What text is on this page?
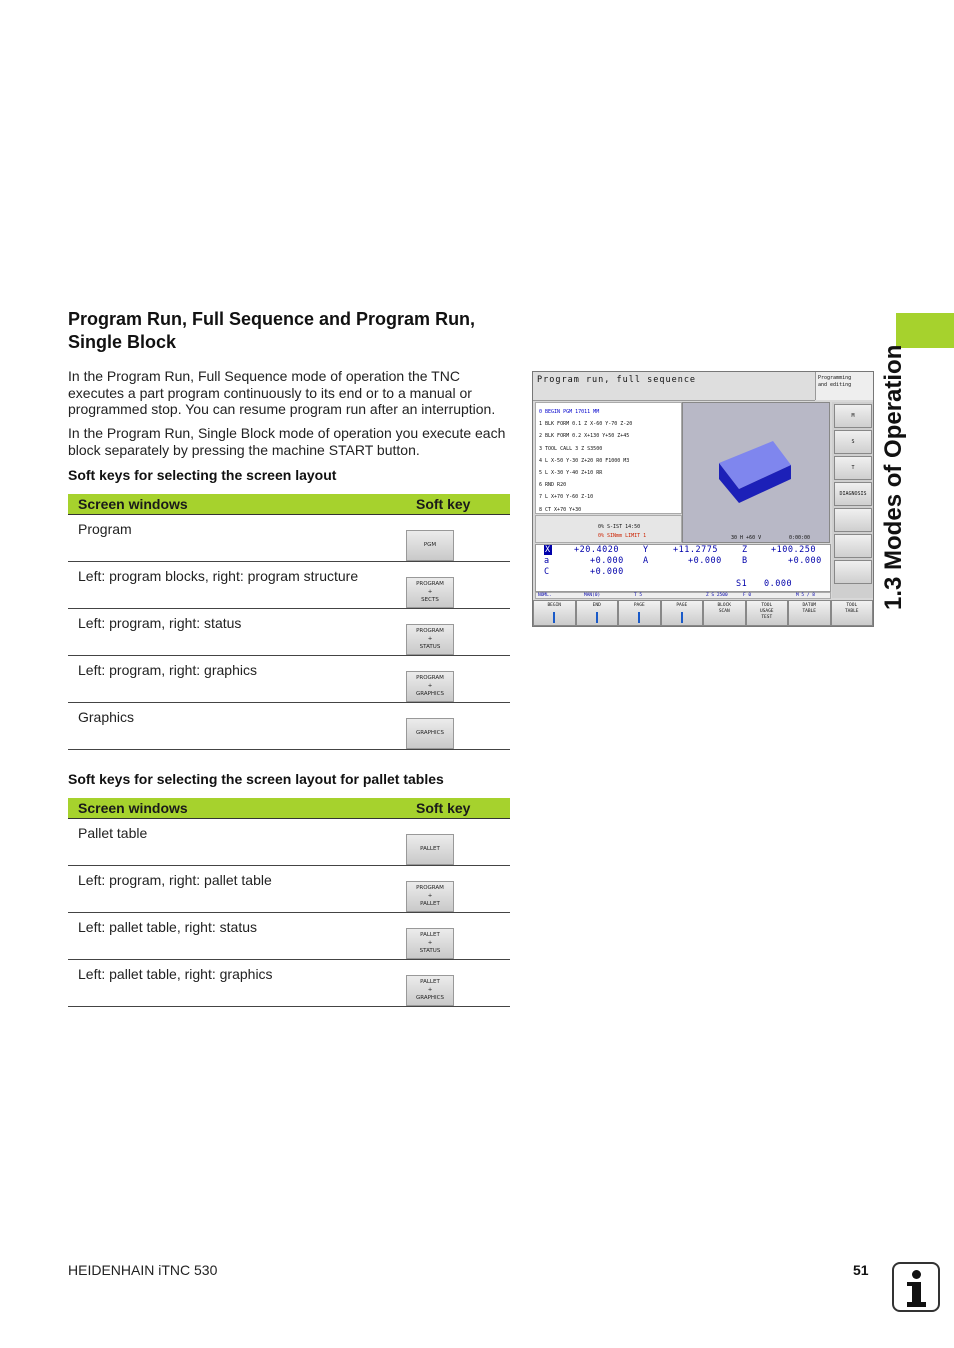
Program Run, Full Sequence and Program Run, Single Block
In the Program Run, Full Sequence mode of operation the TNC executes a part program continuously to its end or to a manual or programmed stop. You can resume program run after an interruption.
In the Program Run, Single Block mode of operation you execute each block separately by pressing the machine START button.
Soft keys for selecting the screen layout
Screen windows	Soft key
Program	PGM

Left: program blocks, right: program structure	PROGRAM
+
SECTS

Left: program, right: status	PROGRAM
+
STATUS

Left: program, right: graphics	PROGRAM
+
GRAPHICS

Graphics	GRAPHICS
Soft keys for selecting the screen layout for pallet tables
Screen windows	Soft key
Pallet table	PALLET

Left: program, right: pallet table	PROGRAM
+
PALLET

Left: pallet table, right: status	PALLET
+
STATUS

Left: pallet table, right: graphics	PALLET
+
GRAPHICS
Program run, full sequence	Programming
and editing
0 BEGIN PGM 17011 MM
1 BLK FORM 0.1 Z X-60 Y-70 Z-20
2 BLK FORM 0.2 X+130 Y+50 Z+45
3 TOOL CALL 3 Z S3500
4 L X-50 Y-30 Z+20 R0 F1000 M3
5 L X-30 Y-40 Z+10 RR
6 RND R20
7 L X+70 Y-60 Z-10
8 CT X+70 Y+30
0% S-IST 14:50
0% SINmm LIMIT 1	30 H +60 V	0:00:00
M
S
T
DIAGNOSIS
X	+20.4020	Y	+11.2775	Z	+100.250
a	+0.000 A	+0.000 B	+0.000
C	+0.000
S1 0.000
NOML.	MAN(0)	T 5	Z S 2500	F 0	M 5 / 8
BEGIN	END	PAGE	PAGE	BLOCK
SCAN
TOOL
USAGE
TEST
DATUM
TABLE
TOOL
TABLE
1.3 Modes of Operation
HEIDENHAIN iTNC 530	51
